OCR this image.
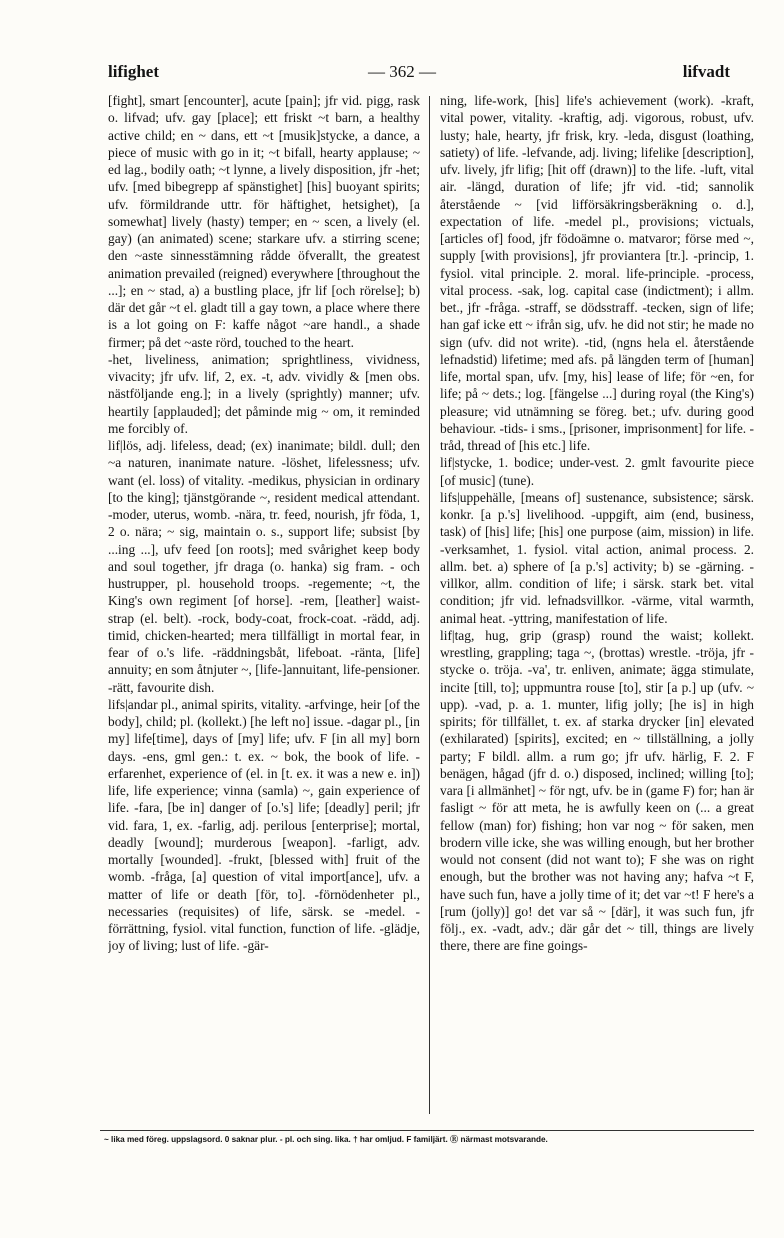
lifighet	— 362 —	lifvadt

[fight], smart [encounter], acute [pain]; jfr vid. pigg, rask o. lifvad; ufv. gay [place]; ett friskt ~t barn, a healthy active child; en ~ dans, ett ~t [musik]stycke, a dance, a piece of music with go in it; ~t bifall, hearty applause; ~ ed lag., bodily oath; ~t lynne, a lively disposition, jfr -het; ufv. [med bibegrepp af spänstighet] [his] buoyant spirits; ufv. förmildrande uttr. för häftighet, hetsighet), [a somewhat] lively (hasty) temper; en ~ scen, a lively (el. gay) (an animated) scene; starkare ufv. a stirring scene; den ~aste sinnesstämning rådde öfverallt, the greatest animation prevailed (reigned) everywhere [throughout the ...]; en ~ stad, a) a bustling place, jfr lif [och rörelse]; b) där det går ~t el. gladt till a gay town, a place where there is a lot going on F: kaffe något ~are handl., a shade firmer; på det ~aste rörd, touched to the heart.

-het, liveliness, animation; sprightliness, vividness, vivacity; jfr ufv. lif, 2, ex. -t, adv. vividly & [men obs. nästföljande eng.]; in a lively (sprightly) manner; ufv. heartily [applauded]; det påminde mig ~ om, it reminded me forcibly of.

lif|lös, adj. lifeless, dead; (ex) inanimate; bildl. dull; den ~a naturen, inanimate nature. -löshet, lifelessness; ufv. want (el. loss) of vitality. -medikus, physician in ordinary [to the king]; tjänstgörande ~, resident medical attendant. -moder, uterus, womb. -nära, tr. feed, nourish, jfr föda, 1, 2 o. nära; ~ sig, maintain o. s., support life; subsist [by ...ing ...], ufv feed [on roots]; med svårighet keep body and soul together, jfr draga (o. hanka) sig fram. - och hustrupper, pl. household troops. -regemente; ~t, the King's own regiment [of horse]. -rem, [leather] waist-strap (el. belt). -rock, body-coat, frock-coat. -rädd, adj. timid, chicken-hearted; mera tillfälligt in mortal fear, in fear of o.'s life. -räddningsbåt, lifeboat. -ränta, [life] annuity; en som åtnjuter ~, [life-]annuitant, life-pensioner. -rätt, favourite dish.

lifs|andar pl., animal spirits, vitality. -arfvinge, heir [of the body], child; pl. (kollekt.) [he left no] issue. -dagar pl., [in my] life[time], days of [my] life; ufv. F [in all my] born days. -ens, gml gen.: t. ex. ~ bok, the book of life. -erfarenhet, experience of (el. in [t. ex. it was a new e. in]) life, life experience; vinna (samla) ~, gain experience of life. -fara, [be in] danger of [o.'s] life; [deadly] peril; jfr vid. fara, 1, ex. -farlig, adj. perilous [enterprise]; mortal, deadly [wound]; murderous [weapon]. -farligt, adv. mortally [wounded]. -frukt, [blessed with] fruit of the womb. -fråga, [a] question of vital import[ance], ufv. a matter of life or death [för, to]. -förnödenheter pl., necessaries (requisites) of life, särsk. se -medel. -förrättning, fysiol. vital function, function of life. -glädje, joy of living; lust of life. -gär-

ning, life-work, [his] life's achievement (work). -kraft, vital power, vitality. -kraftig, adj. vigorous, robust, ufv. lusty; hale, hearty, jfr frisk, kry. -leda, disgust (loathing, satiety) of life. -lefvande, adj. living; lifelike [description], ufv. lively, jfr lifig; [hit off (drawn)] to the life. -luft, vital air. -längd, duration of life; jfr vid. -tid; sannolik återstående ~ [vid lifförsäkringsberäkning o. d.], expectation of life. -medel pl., provisions; victuals, [articles of] food, jfr födoämne o. matvaror; förse med ~, supply [with provisions], jfr proviantera [tr.]. -princip, 1. fysiol. vital principle. 2. moral. life-principle. -process, vital process. -sak, log. capital case (indictment); i allm. bet., jfr -fråga. -straff, se dödsstraff. -tecken, sign of life; han gaf icke ett ~ ifrån sig, ufv. he did not stir; he made no sign (ufv. did not write). -tid, (ngns hela el. återstående lefnadstid) lifetime; med afs. på längden term of [human] life, mortal span, ufv. [my, his] lease of life; för ~en, for life; på ~ dets.; log. [fängelse ...] during royal (the King's) pleasure; vid utnämning se föreg. bet.; ufv. during good behaviour. -tids- i sms., [prisoner, imprisonment] for life. -tråd, thread of [his etc.] life.

lif|stycke, 1. bodice; under-vest. 2. gmlt favourite piece [of music] (tune).

lifs|uppehälle, [means of] sustenance, subsistence; särsk. konkr. [a p.'s] livelihood. -uppgift, aim (end, business, task) of [his] life; [his] one purpose (aim, mission) in life. -verksamhet, 1. fysiol. vital action, animal process. 2. allm. bet. a) sphere of [a p.'s] activity; b) se -gärning. -villkor, allm. condition of life; i särsk. stark bet. vital condition; jfr vid. lefnadsvillkor. -värme, vital warmth, animal heat. -yttring, manifestation of life.

lif|tag, hug, grip (grasp) round the waist; kollekt. wrestling, grappling; taga ~, (brottas) wrestle. -tröja, jfr -stycke o. tröja. -va', tr. enliven, animate; ägga stimulate, incite [till, to]; uppmuntra rouse [to], stir [a p.] up (ufv. ~ upp). -vad, p. a. 1. munter, lifig jolly; [he is] in high spirits; för tillfället, t. ex. af starka drycker [in] elevated (exhilarated) [spirits], excited; en ~ tillställning, a jolly party; F bildl. allm. a rum go; jfr ufv. härlig, F. 2. F benägen, hågad (jfr d. o.) disposed, inclined; willing [to]; vara [i allmänhet] ~ för ngt, ufv. be in (game F) for; han är fasligt ~ för att meta, he is awfully keen on (... a great fellow (man) for) fishing; hon var nog ~ för saken, men brodern ville icke, she was willing enough, but her brother would not consent (did not want to); F she was on right enough, but the brother was not having any; hafva ~t F, have such fun, have a jolly time of it; det var ~t! F here's a [rum (jolly)] go! det var så ~ [där], it was such fun, jfr följ., ex. -vadt, adv.; där går det ~ till, things are lively there, there are fine goings-

~ lika med föreg. uppslagsord. 0 saknar plur. - pl. och sing. lika. † har omljud. F familjärt. Ⓡ närmast motsvarande.
